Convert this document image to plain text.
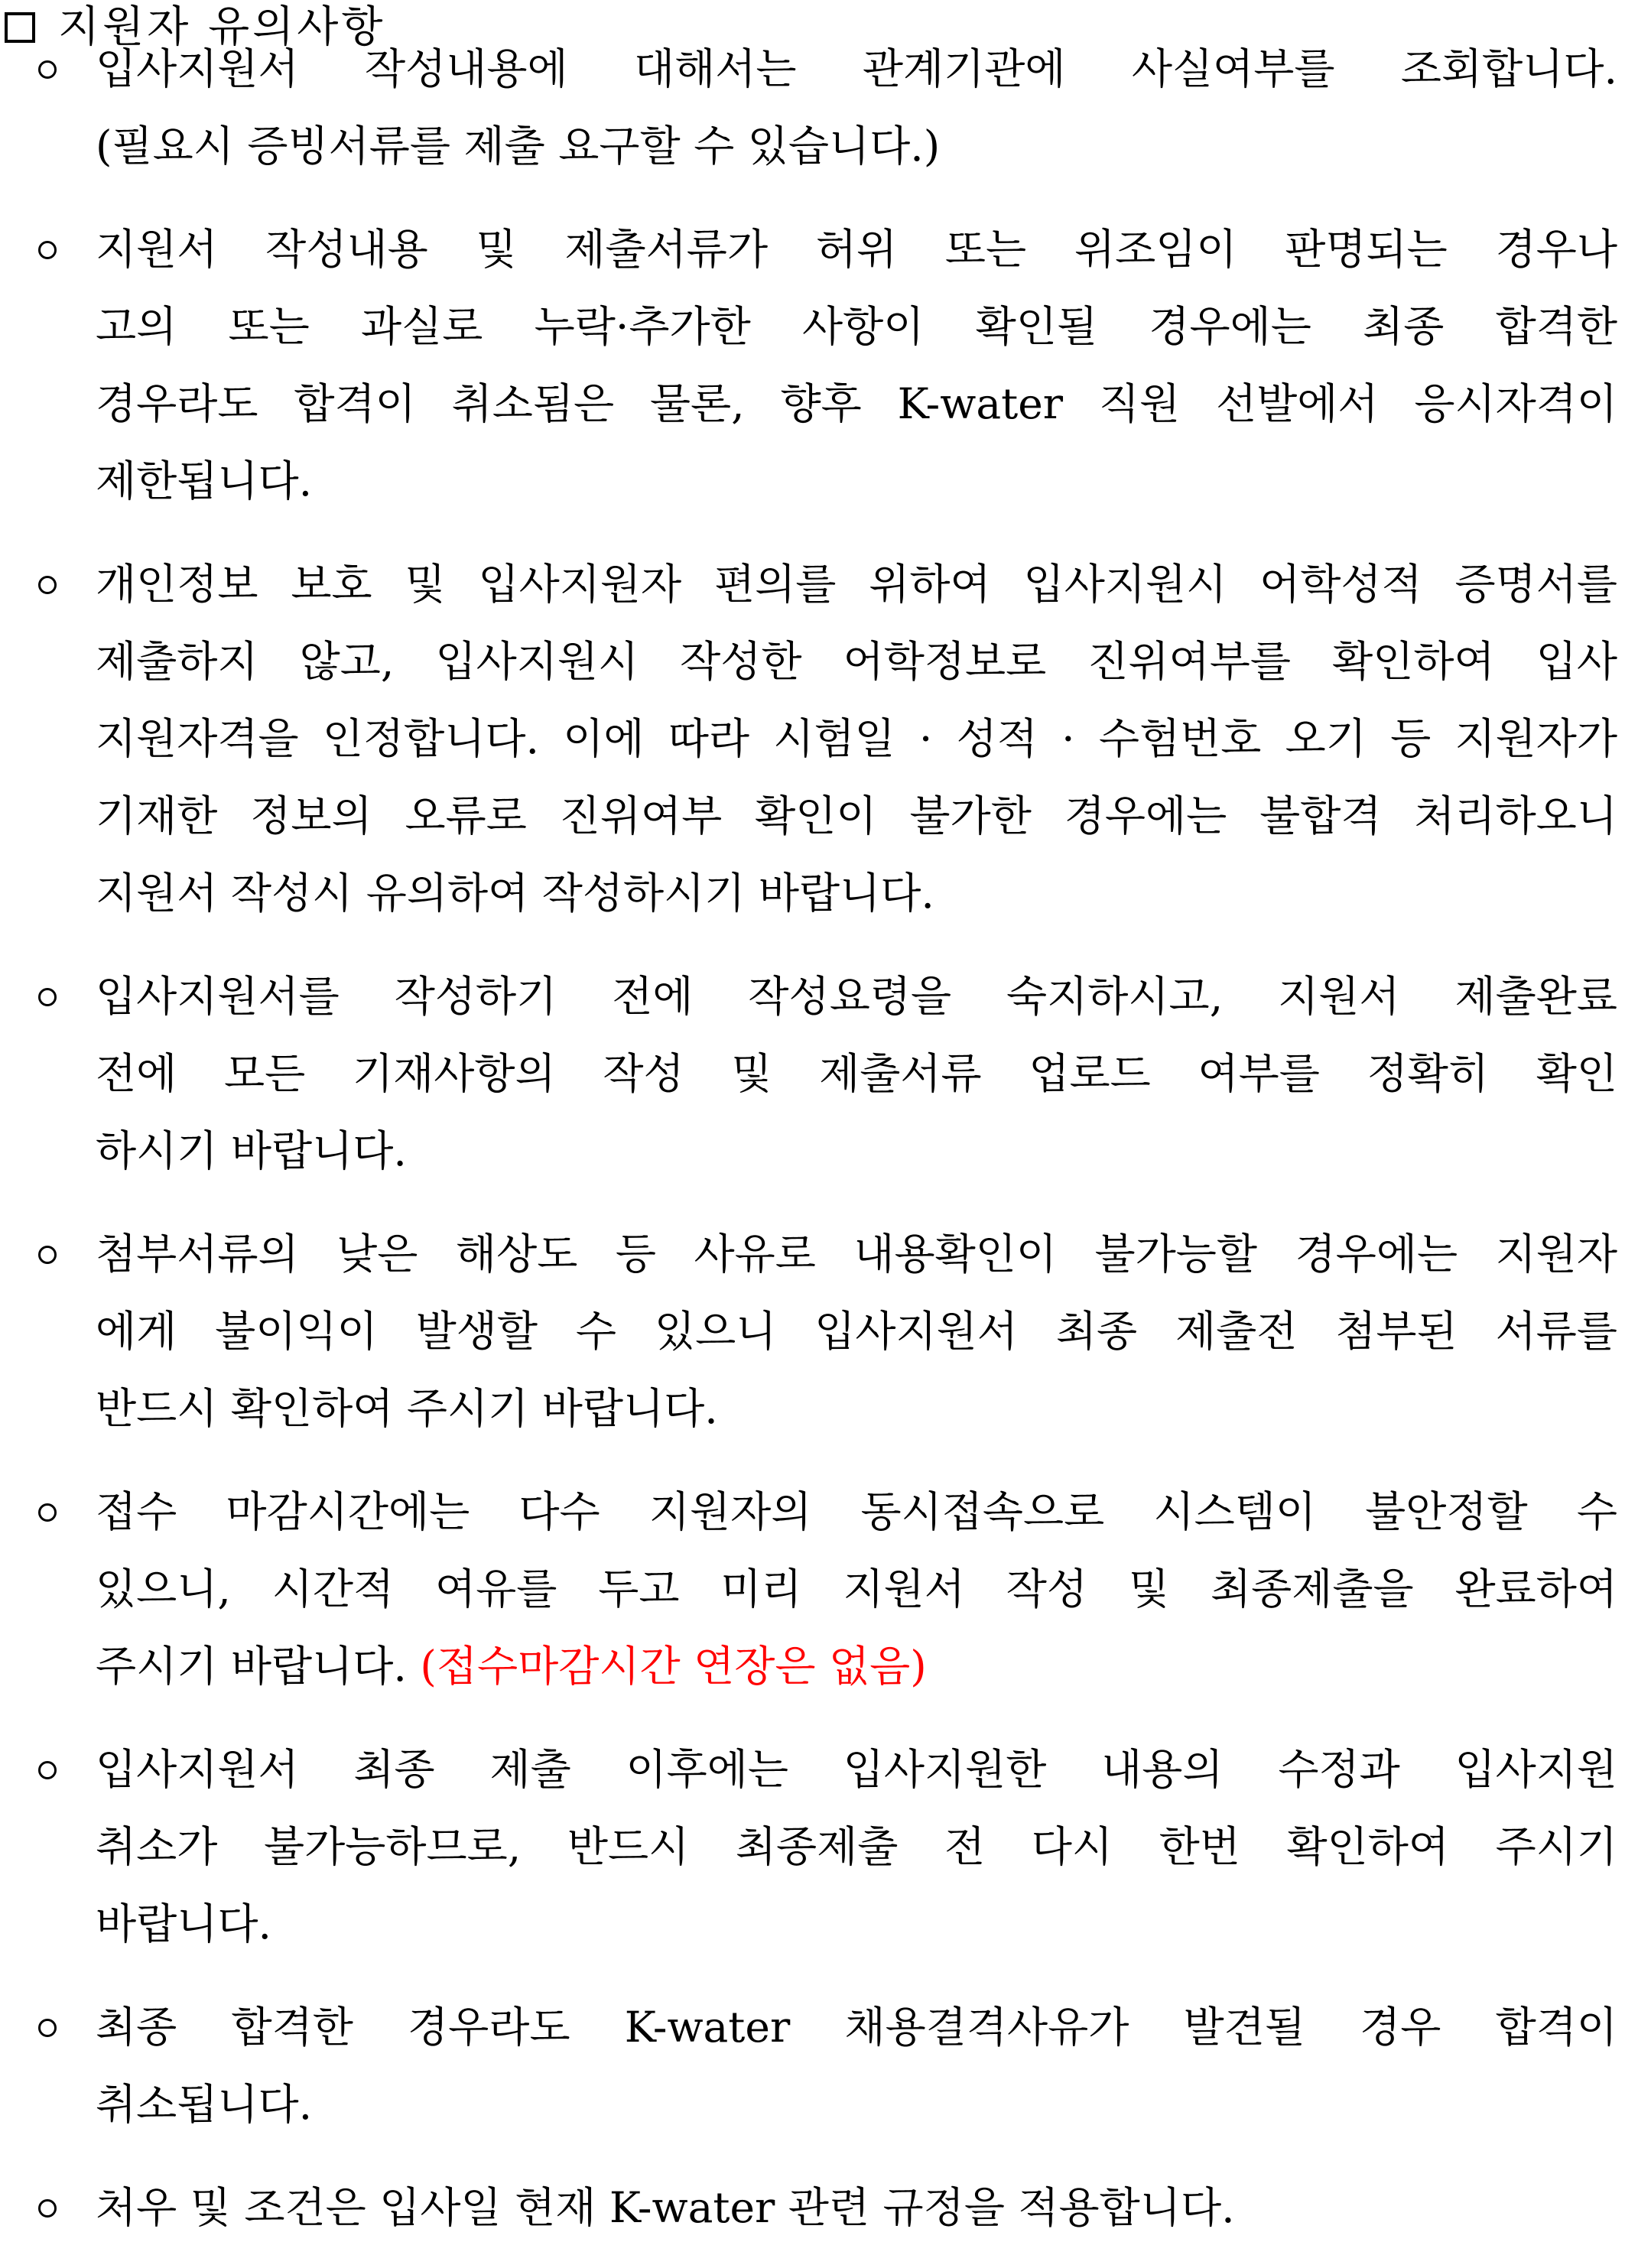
지원자 유의사항
입사지원서 작성내용에 대해서는 관계기관에 사실여부를 조회합니다.
(필요시 증빙서류를 제출 요구할 수 있습니다.)
지원서 작성내용 및 제출서류가 허위 또는 위조임이 판명되는 경우나
고의 또는 과실로 누락·추가한 사항이 확인될 경우에는 최종 합격한
경우라도 합격이 취소됨은 물론, 향후 K-water 직원 선발에서 응시자격이
제한됩니다.
개인정보 보호 및 입사지원자 편의를 위하여 입사지원시 어학성적 증명서를
제출하지 않고, 입사지원시 작성한 어학정보로 진위여부를 확인하여 입사
지원자격을 인정합니다. 이에 따라 시험일 · 성적 · 수험번호 오기 등 지원자가
기재한 정보의 오류로 진위여부 확인이 불가한 경우에는 불합격 처리하오니
지원서 작성시 유의하여 작성하시기 바랍니다.
입사지원서를 작성하기 전에 작성요령을 숙지하시고, 지원서 제출완료
전에 모든 기재사항의 작성 및 제출서류 업로드 여부를 정확히 확인
하시기 바랍니다.
첨부서류의 낮은 해상도 등 사유로 내용확인이 불가능할 경우에는 지원자
에게 불이익이 발생할 수 있으니 입사지원서 최종 제출전 첨부된 서류를
반드시 확인하여 주시기 바랍니다.
접수 마감시간에는 다수 지원자의 동시접속으로 시스템이 불안정할 수
있으니, 시간적 여유를 두고 미리 지원서 작성 및 최종제출을 완료하여
주시기 바랍니다. (접수마감시간 연장은 없음)
입사지원서 최종 제출 이후에는 입사지원한 내용의 수정과 입사지원
취소가 불가능하므로, 반드시 최종제출 전 다시 한번 확인하여 주시기
바랍니다.
최종 합격한 경우라도 K-water 채용결격사유가 발견될 경우 합격이
취소됩니다.
처우 및 조건은 입사일 현재 K-water 관련 규정을 적용합니다.
